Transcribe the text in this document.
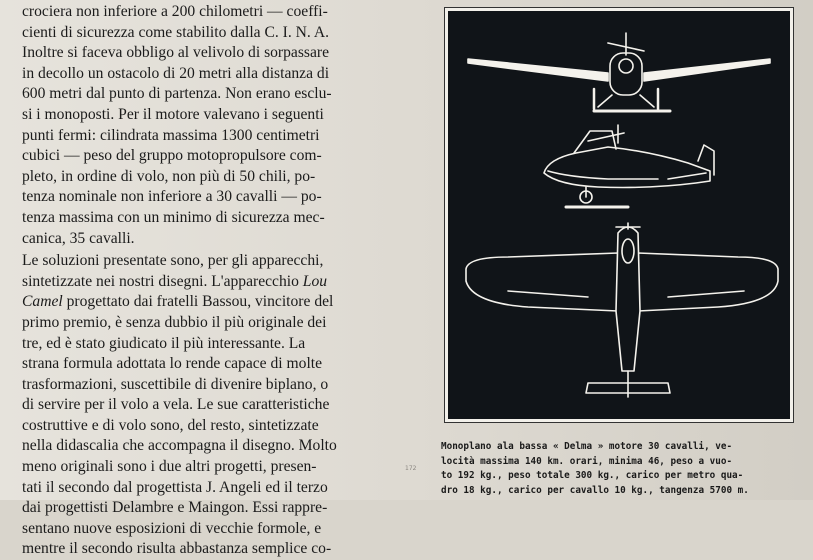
crociera non inferiore a 200 chilometri — coeffi-
cienti di sicurezza come stabilito dalla C. I. N. A.
Inoltre si faceva obbligo al velivolo di sorpassare
in decollo un ostacolo di 20 metri alla distanza di
600 metri dal punto di partenza. Non erano esclu-
si i monoposti. Per il motore valevano i seguenti
punti fermi: cilindrata massima 1300 centimetri
cubici — peso del gruppo motopropulsore com-
pleto, in ordine di volo, non più di 50 chili, po-
tenza nominale non inferiore a 30 cavalli — po-
tenza massima con un minimo di sicurezza mec-
canica, 35 cavalli.

Le soluzioni presentate sono, per gli apparecchi,
sintetizzate nei nostri disegni. L'apparecchio Lou
Camel progettato dai fratelli Bassou, vincitore del
primo premio, è senza dubbio il più originale dei
tre, ed è stato giudicato il più interessante. La
strana formula adottata lo rende capace di molte
trasformazioni, suscettibile di divenire biplano, o
di servire per il volo a vela. Le sue caratteristiche
costruttive e di volo sono, del resto, sintetizzate
nella didascalia che accompagna il disegno. Molto
meno originali sono i due altri progetti, presen-
tati il secondo dal progettista J. Angeli ed il terzo
dai progettisti Delambre e Maingon. Essi rappre-
sentano nuove esposizioni di vecchie formole, e
mentre il secondo risulta abbastanza semplice co-

172
Monoplano ala bassa « Delma » motore 30 cavalli, ve-
locità massima 140 km. orari, minima 46, peso a vuo-
to 192 kg., peso totale 300 kg., carico per metro qua-
dro 18 kg., carico per cavallo 10 kg., tangenza 5700 m.
